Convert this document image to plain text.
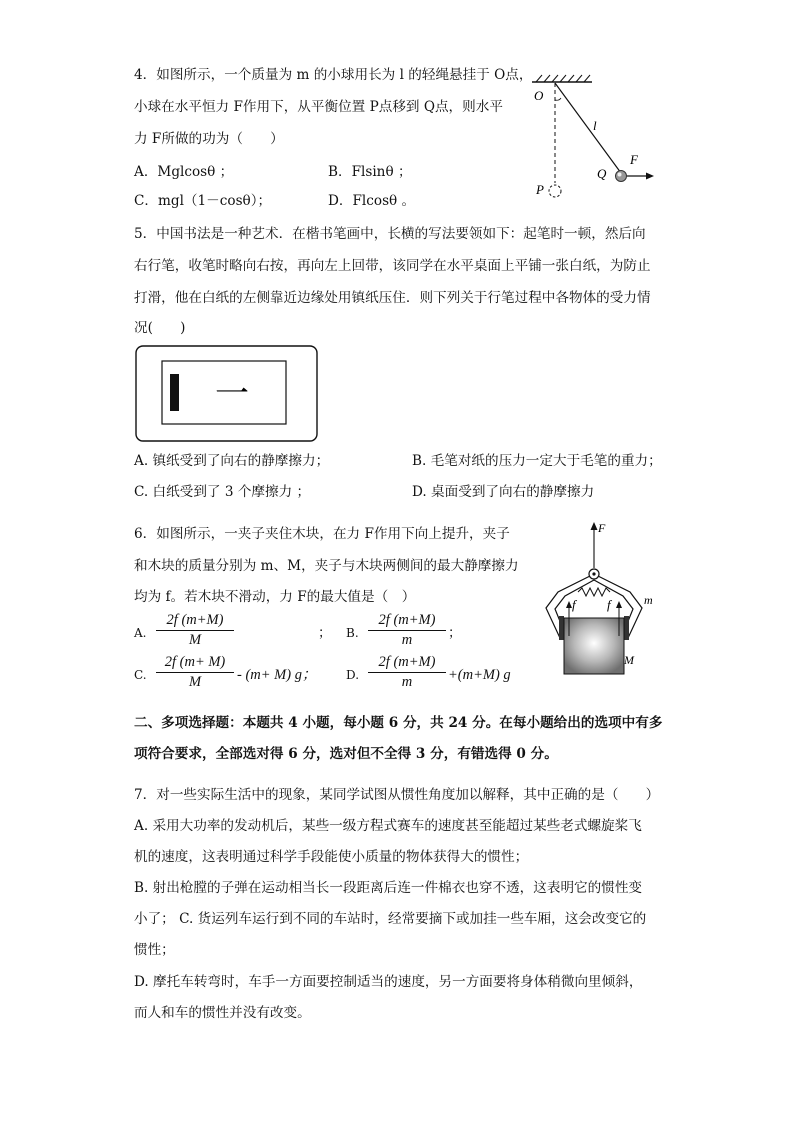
4．如图所示，一个质量为 m 的小球用长为 l 的轻绳悬挂于 O点，
小球在水平恒力 F作用下，从平衡位置 P点移到 Q点，则水平
力 F所做的功为（　　）
A．Mglcosθ ；	B．Flsinθ ；
C．mgl（1－cosθ）；	D．Flcosθ 。
O
l
Q
F
P
5．中国书法是一种艺术．在楷书笔画中，长横的写法要领如下：起笔时一顿，然后向
右行笔，收笔时略向右按，再向左上回带，该同学在水平桌面上平铺一张白纸，为防止
打滑，他在白纸的左侧靠近边缘处用镇纸压住．则下列关于行笔过程中各物体的受力情
况(　　)
一
A. 镇纸受到了向右的静摩擦力；	B. 毛笔对纸的压力一定大于毛笔的重力；
C. 白纸受到了 3 个摩擦力 ；	D. 桌面受到了向右的静摩擦力
6．如图所示，一夹子夹住木块，在力 F作用下向上提升，夹子
和木块的质量分别为 m、M，夹子与木块两侧间的最大静摩擦力
均为 f。若木块不滑动，力 F的最大值是（　）
A. $\frac{2f (m+M)}{M}$	； B. $\frac{2f (m+M)}{m}$ ；
C. $\frac{2f (m+ M)}{M} - (m+ M)$ g； D. $\frac{2f (m+M)}{m} +(m+M)$ g
F
f f	m
M
二、多项选择题：本题共 4 小题，每小题 6 分，共 24 分。在每小题给出的选项中有多
项符合要求，全部选对得 6 分，选对但不全得 3 分，有错选得 0 分。
7．对一些实际生活中的现象，某同学试图从惯性角度加以解释，其中正确的是（　　）
A. 采用大功率的发动机后，某些一级方程式赛车的速度甚至能超过某些老式螺旋桨飞
机的速度，这表明通过科学手段能使小质量的物体获得大的惯性；
B. 射出枪膛的子弹在运动相当长一段距离后连一件棉衣也穿不透，这表明它的惯性变
小了； C. 货运列车运行到不同的车站时，经常要摘下或加挂一些车厢，这会改变它的
惯性；
D. 摩托车转弯时，车手一方面要控制适当的速度，另一方面要将身体稍微向里倾斜，
而人和车的惯性并没有改变。
